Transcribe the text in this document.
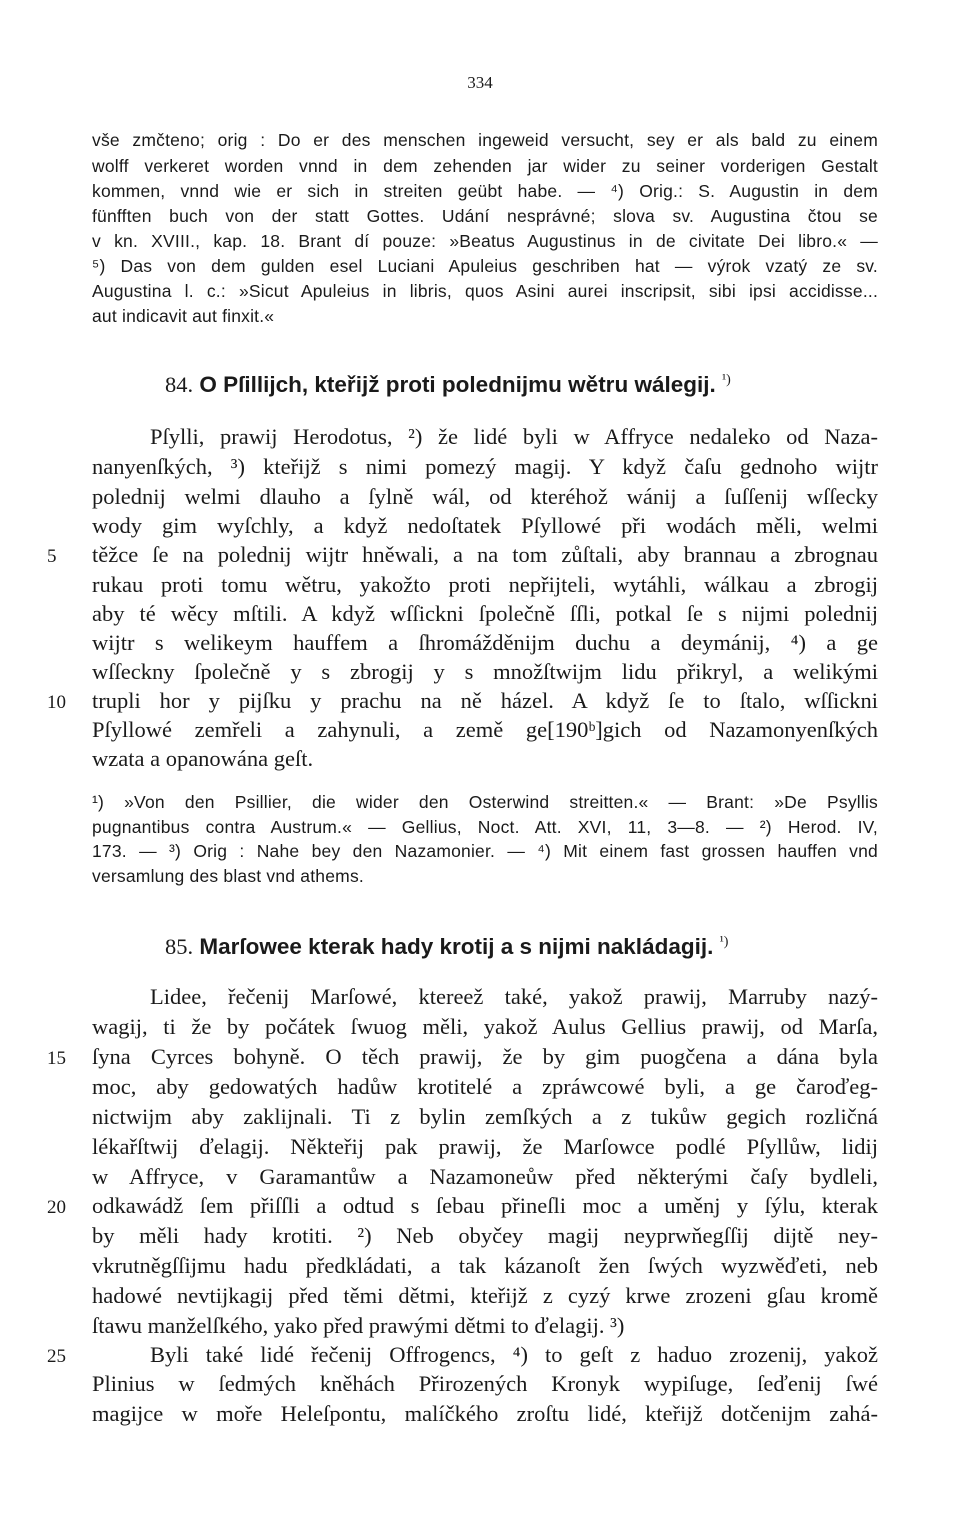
334
vše zmčteno; orig : Do er des menschen ingeweid versucht, sey er als bald zu einem
wolff verkeret worden vnnd in dem zehenden jar wider zu seiner vorderigen Gestalt
kommen, vnnd wie er sich in streiten geübt habe. — ⁴) Orig.: S. Augustin in dem
fünfften buch von der statt Gottes. Udání nesprávné; slova sv. Augustina čtou se
v kn. XVIII., kap. 18. Brant dí pouze: »Beatus Augustinus in de civitate Dei libro.« —
⁵) Das von dem gulden esel Luciani Apuleius geschriben hat — výrok vzatý ze sv.
Augustina l. c.: »Sicut Apuleius in libris, quos Asini aurei inscripsit, sibi ipsi accidisse...
aut indicavit aut finxit.«
84. O Pſillijch, kteřijž proti polednijmu wětru wálegij. $^{^1)}$
Pſylli, prawij Herodotus, ²) že lidé byli w Affryce nedaleko od Naza-
nanyenſkých, ³) kteřijž s nimi pomezý magij. Y když čaſu gednoho wijtr
polednij welmi dlauho a ſylně wál, od kteréhož wánij a ſuſſenij wſſecky
wody gim wyſchly, a když nedoſtatek Pſyllowé při wodách měli, welmi
těžce ſe na polednij wijtr hněwali, a na tom zůſtali, aby brannau a zbrognau
rukau proti tomu wětru, yakožto proti nepřijteli, wytáhli, wálkau a zbrogij
aby té wěcy mſtili. A když wſſickni ſpolečně ſſli, potkal ſe s nijmi polednij
wijtr s welikeym hauffem a ſhromážděnijm duchu a deymánij, ⁴) a ge
wſſeckny ſpolečně y s zbrogij y s množſtwijm lidu přikryl, a welikými
trupli hor y pijſku y prachu na ně házel. A když ſe to ſtalo, wſſickni
Pſyllowé zemřeli a zahynuli, a země ge[190ᵇ]gich od Nazamonyenſkých
wzata a opanowána geſt.
¹) »Von den Psillier, die wider den Osterwind streitten.« — Brant: »De Psyllis
pugnantibus contra Austrum.« — Gellius, Noct. Att. XVI, 11, 3—8. — ²) Herod. IV,
173. — ³) Orig : Nahe bey den Nazamonier. — ⁴) Mit einem fast grossen hauffen vnd
versamlung des blast vnd athems.
85. Marſowee kterak hady krotij a s nijmi nakládagij. $^{^1)}$
Lidee, řečenij Marſowé, ktereež také, yakož prawij, Marruby nazý-
wagij, ti že by počátek ſwuog měli, yakož Aulus Gellius prawij, od Marſa,
ſyna Cyrces bohyně. O těch prawij, že by gim puogčena a dána byla
moc, aby gedowatých hadůw krotitelé a zpráwcowé byli, a ge čaroďeg-
nictwijm aby zaklijnali. Ti z bylin zemſkých a z tukůw gegich rozličná
lékařſtwij ďelagij. Někteřij pak prawij, že Marſowce podlé Pſyllůw, lidij
w Affryce, v Garamantůw a Nazamoneůw před některými čaſy bydleli,
odkawádž ſem přiſſli a odtud s ſebau přineſli moc a uměnj y ſýlu, kterak
by měli hady krotiti. ²) Neb obyčey magij neyprwňegſſij dijtě ney-
vkrutněgſſijmu hadu předkládati, a tak kázanoſt žen ſwých wyzwěďeti, neb
hadowé nevtijkagij před těmi dětmi, kteřijž z cyzý krwe zrozeni gſau kromě
ſtawu manželſkého, yako před prawými dětmi to ďelagij. ³)
Byli také lidé řečenij Offrogencs, ⁴) to geſt z haduo zrozenij, yakož
Plinius w ſedmých kněhách Přirozených Kronyk wypiſuge, ſeďenij ſwé
magijce w moře Heleſpontu, malíčkého zroſtu lidé, kteřijž dotčenijm zahá-
5
10
15
20
25
